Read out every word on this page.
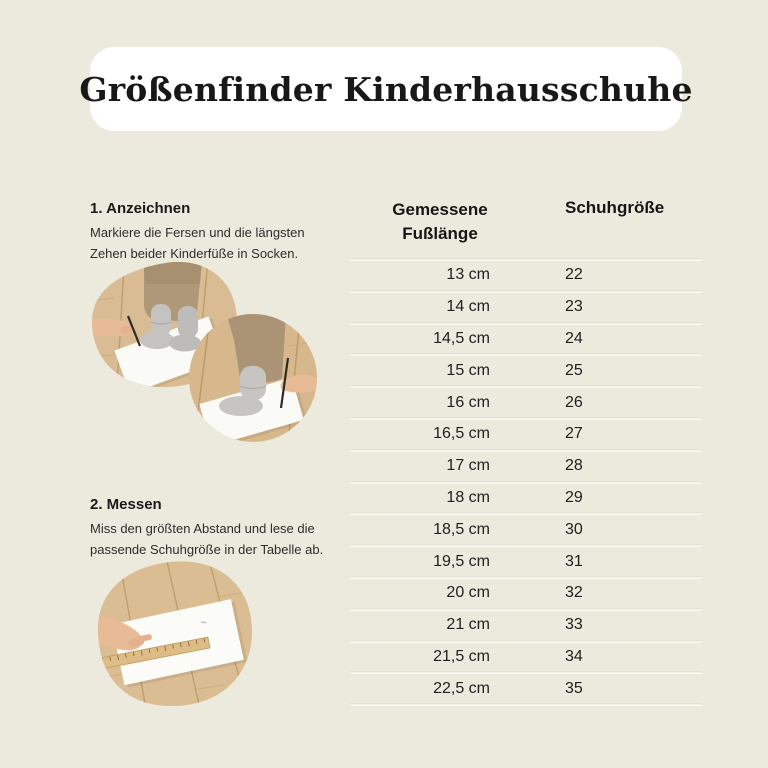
Größenfinder Kinderhausschuhe
1. Anzeichnen
Markiere die Fersen und die längsten Zehen beider Kinderfüße in Socken.
2. Messen
Miss den größten Abstand und lese die passende Schuhgröße in der Tabelle ab.
Gemessene Fußlänge
Schuhgröße
13 cm	22
14 cm	23
14,5 cm	24
15 cm	25
16 cm	26
16,5 cm	27
17 cm	28
18 cm	29
18,5 cm	30
19,5 cm	31
20 cm	32
21 cm	33
21,5 cm	34
22,5 cm	35
